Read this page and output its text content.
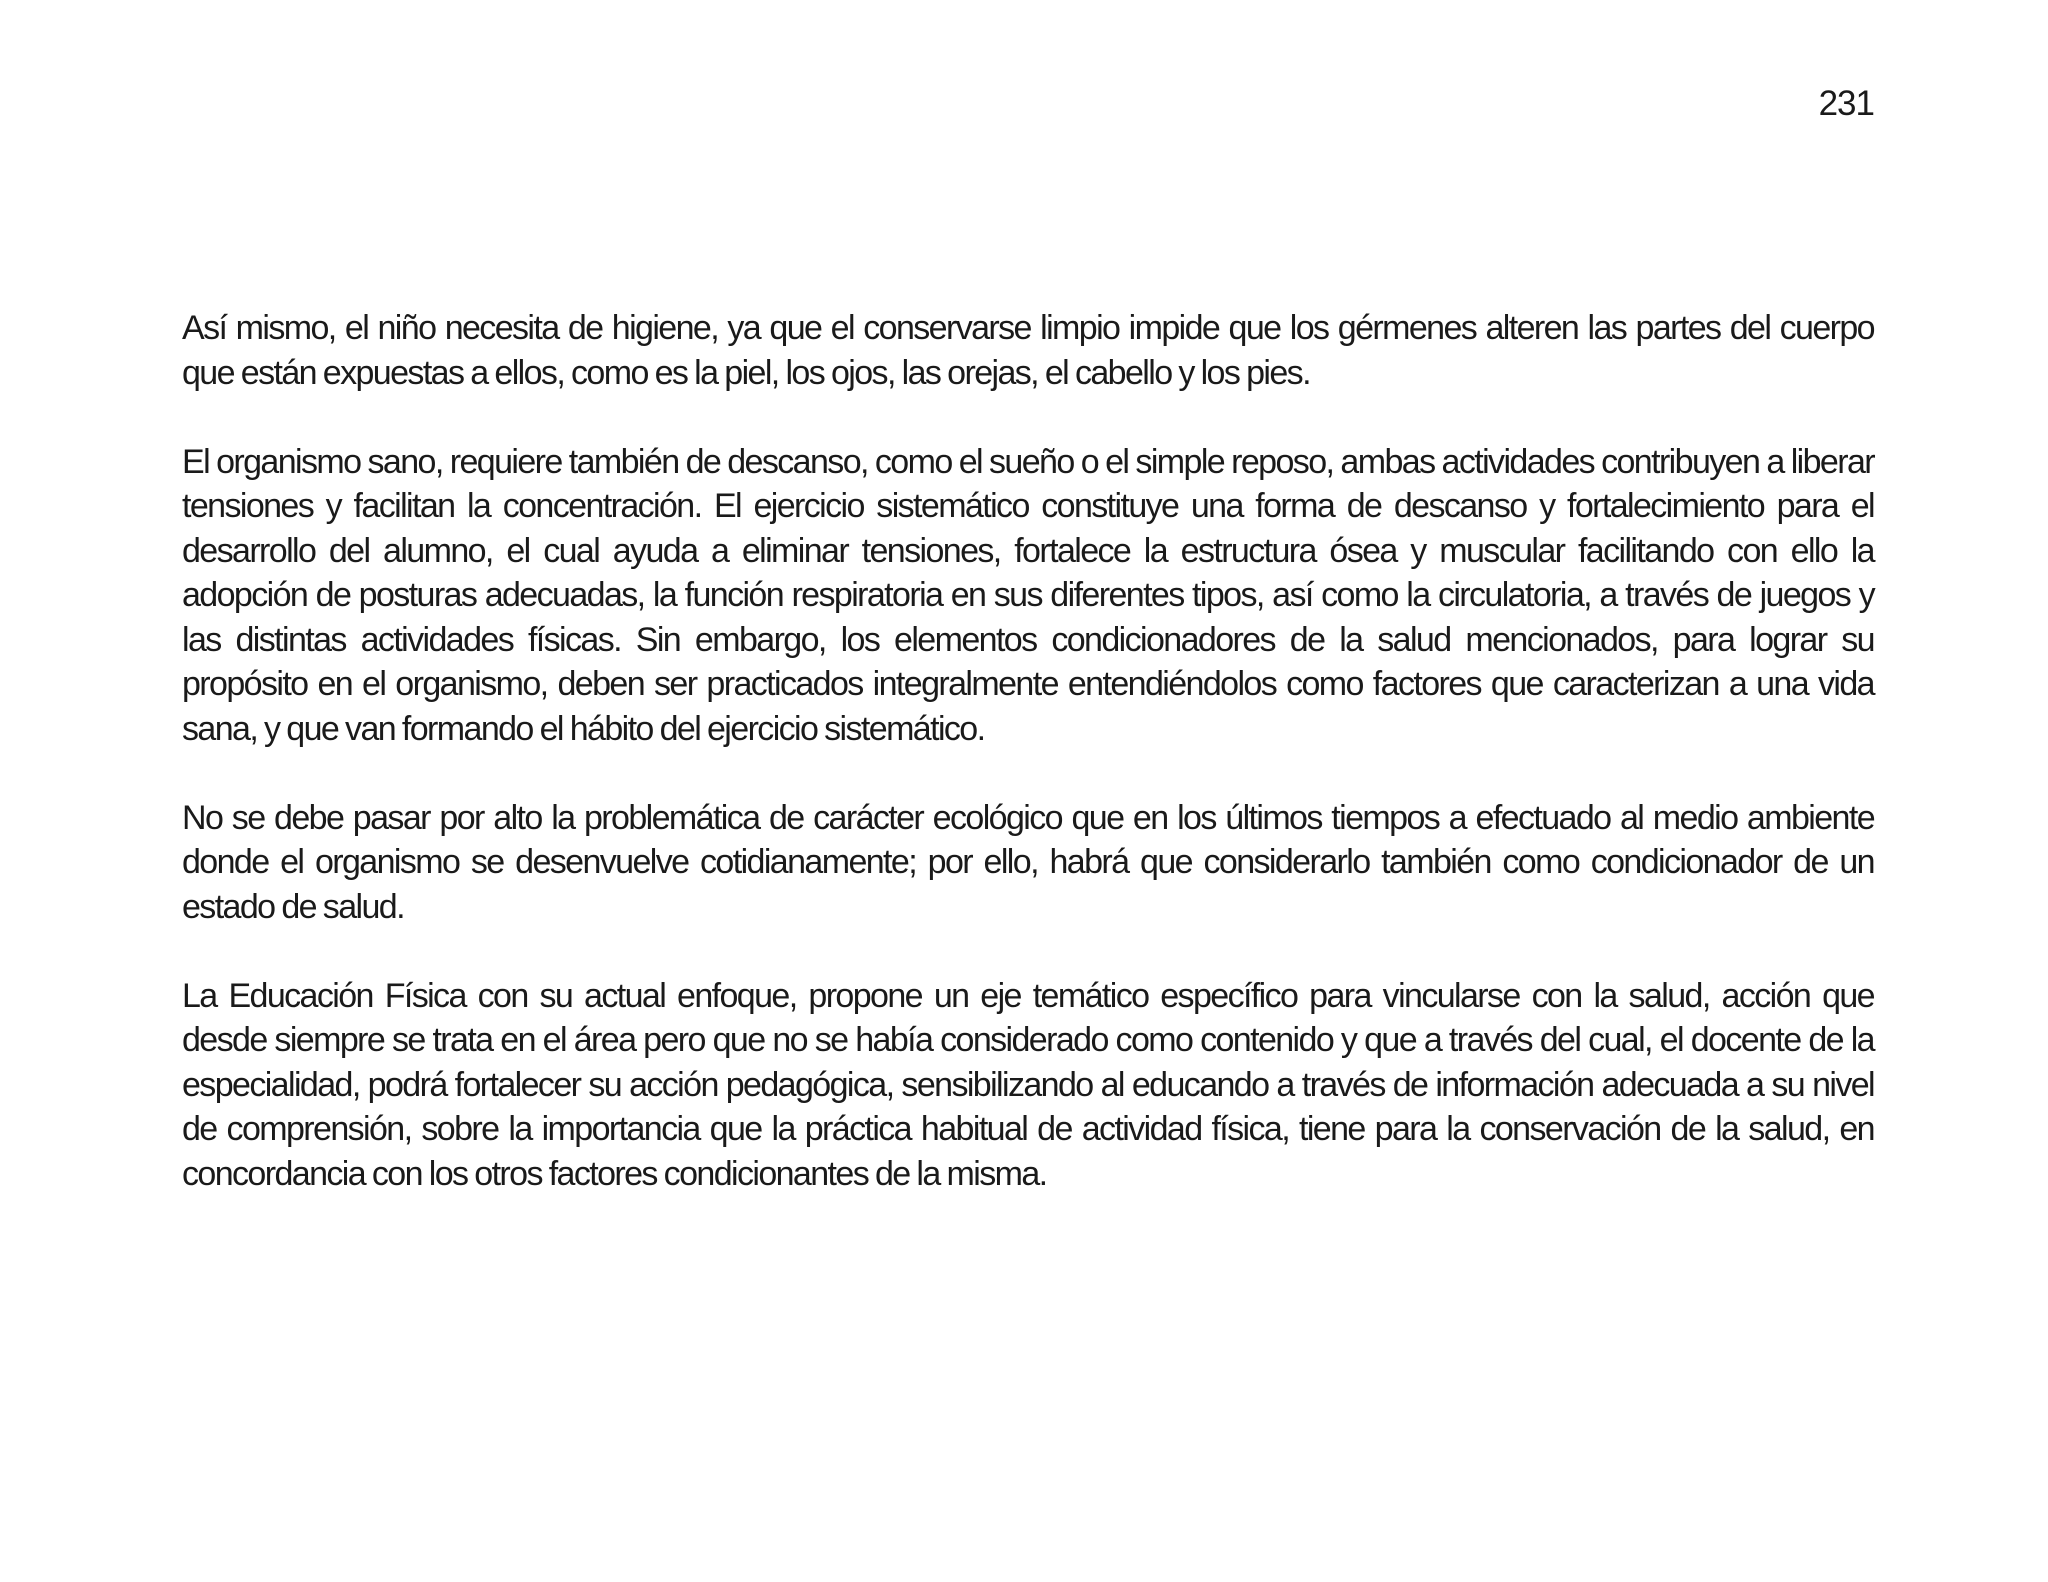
231

Así mismo, el niño necesita de higiene, ya que el conservarse limpio impide que los gérmenes alteren las partes del cuerpo que están expuestas a ellos, como es la piel, los ojos, las orejas, el cabello y los pies.

El organismo sano, requiere también de descanso, como el sueño o el simple reposo, ambas actividades contribuyen a liberar tensiones y facilitan la concentración. El ejercicio sistemático constituye una forma de descanso y fortalecimiento para el desarrollo del alumno, el cual ayuda a eliminar tensiones, fortalece la estructura ósea y muscular facilitando con ello la adopción de posturas adecuadas, la función respiratoria en sus diferentes tipos, así como la circulatoria, a través de juegos y las distintas actividades físicas. Sin embargo, los elementos condicionadores de la salud mencionados, para lograr su propósito en el organismo, deben ser practicados integralmente entendiéndolos como factores que caracterizan a una vida sana, y que van formando el hábito del ejercicio sistemático.

No se debe pasar por alto la problemática de carácter ecológico que en los últimos tiempos a efectuado al medio ambiente donde el organismo se desenvuelve cotidianamente; por ello, habrá que considerarlo también como condicionador de un estado de salud.

La Educación Física con su actual enfoque, propone un eje temático específico para vincularse con la salud, acción que desde siempre se trata en el área pero que no se había considerado como contenido y que a través del cual, el docente de la especialidad, podrá fortalecer su acción pedagógica, sensibilizando al educando a través de información adecuada a su nivel de comprensión, sobre la importancia que la práctica habitual de actividad física, tiene para la conservación de la salud, en concordancia con los otros factores condicionantes de la misma.
